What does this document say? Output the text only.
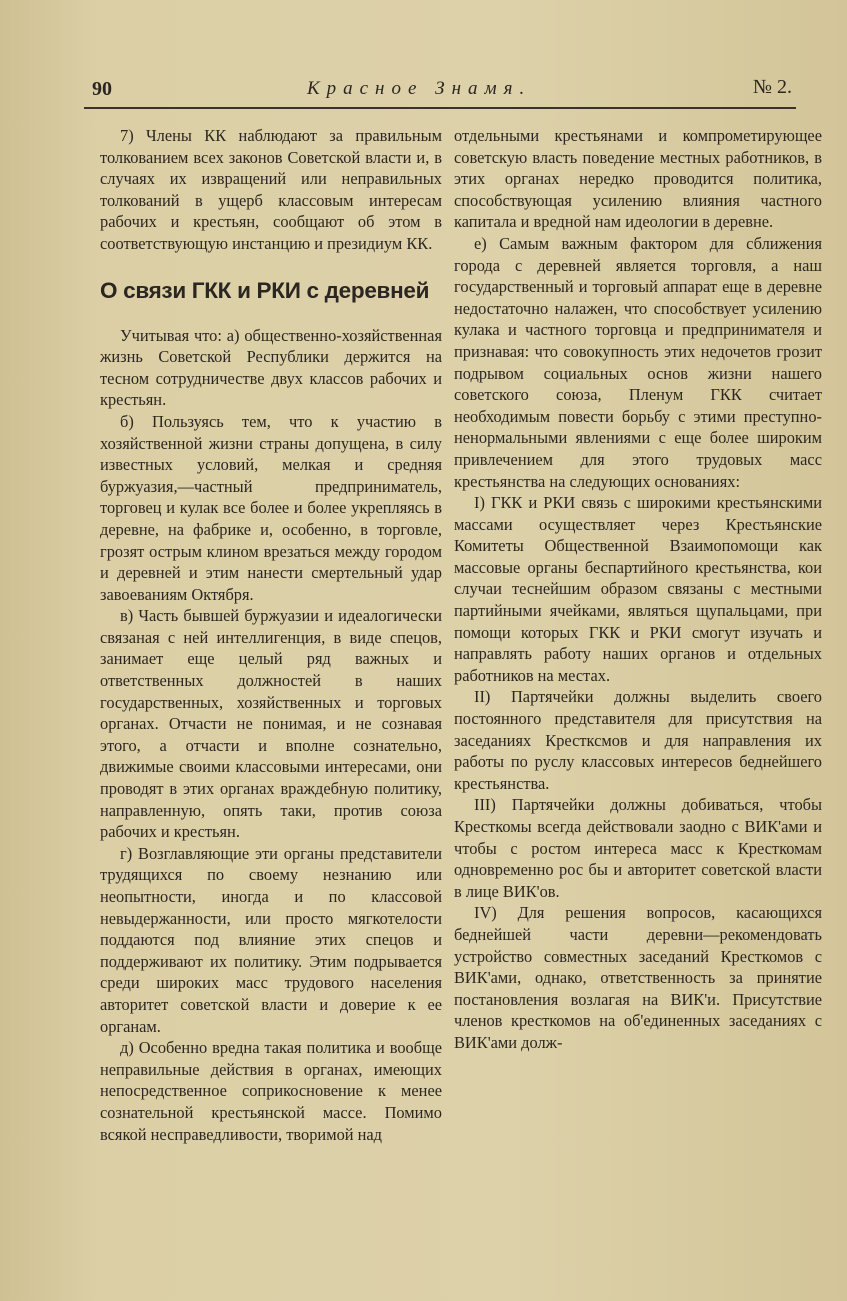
90	Красное Знамя.	№ 2.

7) Члены КК наблюдают за правильным толкованием всех законов Советской власти и, в случаях их извращений или неправильных толкований в ущерб классовым интересам рабочих и крестьян, сообщают об этом в соответствующую инстанцию и президиум КК.

О связи ГКК и РКИ с деревней

Учитывая что: а) общественно-хозяйственная жизнь Советской Республики держится на тесном сотрудничестве двух классов рабочих и крестьян.

б) Пользуясь тем, что к участию в хозяйственной жизни страны допущена, в силу известных условий, мелкая и средняя буржуазия,—частный предприниматель, торговец и кулак все более и более укрепляясь в деревне, на фабрике и, особенно, в торговле, грозят острым клином врезаться между городом и деревней и этим нанести смертельный удар завоеваниям Октября.

в) Часть бывшей буржуазии и идеалогически связаная с ней интеллигенция, в виде спецов, занимает еще целый ряд важных и ответственных должностей в наших государственных, хозяйственных и торговых органах. Отчасти не понимая, и не сознавая этого, а отчасти и вполне сознательно, движимые своими классовыми интересами, они проводят в этих органах враждебную политику, направленную, опять таки, против союза рабочих и крестьян.

г) Возглавляющие эти органы представители трудящихся по своему незнанию или неопытности, иногда и по классовой невыдержанности, или просто мягкотелости поддаются под влияние этих спецов и поддерживают их политику. Этим подрывается среди широких масс трудового населения авторитет советской власти и доверие к ее органам.

д) Особенно вредна такая политика и вообще неправильные действия в органах, имеющих непосредственное соприкосновение к менее сознательной крестьянской массе. Помимо всякой несправедливости, творимой над

отдельными крестьянами и компрометирующее советскую власть поведение местных работников, в этих органах нередко проводится политика, способствующая усилению влияния частного капитала и вредной нам идеологии в деревне.

е) Самым важным фактором для сближения города с деревней является торговля, а наш государственный и торговый аппарат еще в деревне недостаточно налажен, что способствует усилению кулака и частного торговца и предпринимателя и признавая: что совокупность этих недочетов грозит подрывом социальных основ жизни нашего советского союза, Пленум ГКК считает необходимым повести борьбу с этими преступно-ненормальными явлениями с еще более широким привлечением для этого трудовых масс крестьянства на следующих основаниях:

I) ГКК и РКИ связь с широкими крестьянскими массами осуществляет через Крестьянские Комитеты Общественной Взаимопомощи как массовые органы беспартийного крестьянства, кои случаи теснейшим образом связаны с местными партийными ячейками, являться щупальцами, при помощи которых ГКК и РКИ смогут изучать и направлять работу наших органов и отдельных работников на местах.

II) Партячейки должны выделить своего постоянного представителя для присутствия на заседаниях Крестксмов и для направления их работы по руслу классовых интересов беднейшего крестьянства.

III) Партячейки должны добиваться, чтобы Кресткомы всегда действовали заодно с ВИК'ами и чтобы с ростом интереса масс к Кресткомам одновременно рос бы и авторитет советской власти в лице ВИК'ов.

IV) Для решения вопросов, касающихся беднейшей части деревни—рекомендовать устройство совместных заседаний Кресткомов с ВИК'ами, однако, ответственность за принятие постановления возлагая на ВИК'и. Присутствие членов кресткомов на об'единенных заседаниях с ВИК'ами долж-
